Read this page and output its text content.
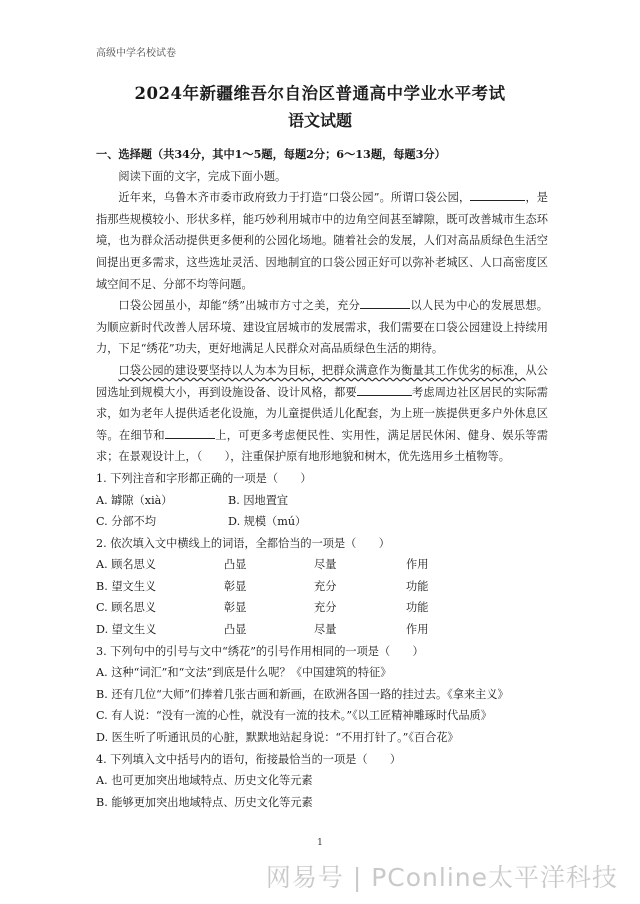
高级中学名校试卷
2024年新疆维吾尔自治区普通高中学业水平考试
语文试题

一、选择题（共34分，其中1～5题，每题2分；6～13题，每题3分）

阅读下面的文字，完成下面小题。

近年来，乌鲁木齐市委市政府致力于打造“口袋公园”。所谓口袋公园，	，是指那些规模较小、形状多样，能巧妙利用城市中的边角空间甚至罅隙，既可改善城市生态环境，也为群众活动提供更多便利的公园化场地。随着社会的发展，人们对高品质绿色生活空间提出更多需求，这些选址灵活、因地制宜的口袋公园正好可以弥补老城区、人口高密度区域空间不足、分部不均等问题。

口袋公园虽小，却能“绣”出城市方寸之美，充分	以人民为中心的发展思想。为顺应新时代改善人居环境、建设宜居城市的发展需求，我们需要在口袋公园建设上持续用力，下足“绣花”功夫，更好地满足人民群众对高品质绿色生活的期待。

口袋公园的建设要坚持以人为本为目标，把群众满意作为衡量其工作优劣的标准，从公园选址到规模大小，再到设施设备、设计风格，都要	考虑周边社区居民的实际需求，如为老年人提供适老化设施，为儿童提供适儿化配套，为上班一族提供更多户外休息区等。在细节和	上，可更多考虑便民性、实用性，满足居民休闲、健身、娱乐等需求；在景观设计上，（　　），注重保护原有地形地貌和树木，优先选用乡土植物等。

1. 下列注音和字形都正确的一项是（　　）

A. 罅隙（xià）	B. 因地置宜
C. 分部不均	D. 规模（mú）

2. 依次填入文中横线上的词语，全都恰当的一项是（　　）

A. 顾名思义	凸显	尽量	作用
B. 望文生义	彰显	充分	功能
C. 顾名思义	彰显	充分	功能
D. 望文生义	凸显	尽量	作用

3. 下列句中的引号与文中“绣花”的引号作用相同的一项是（　　）

A. 这种“词汇”和“文法”到底是什么呢？《中国建筑的特征》

B. 还有几位“大师”们捧着几张古画和新画，在欧洲各国一路的挂过去。《拿来主义》

C. 有人说：“没有一流的心性，就没有一流的技术。”《以工匠精神雕琢时代品质》

D. 医生听了听通讯员的心脏，默默地站起身说：“不用打针了。”《百合花》

4. 下列填入文中括号内的语句，衔接最恰当的一项是（　　）

A. 也可更加突出地域特点、历史文化等元素

B. 能够更加突出地域特点、历史文化等元素

1
网易号 | PConline太平洋科技
